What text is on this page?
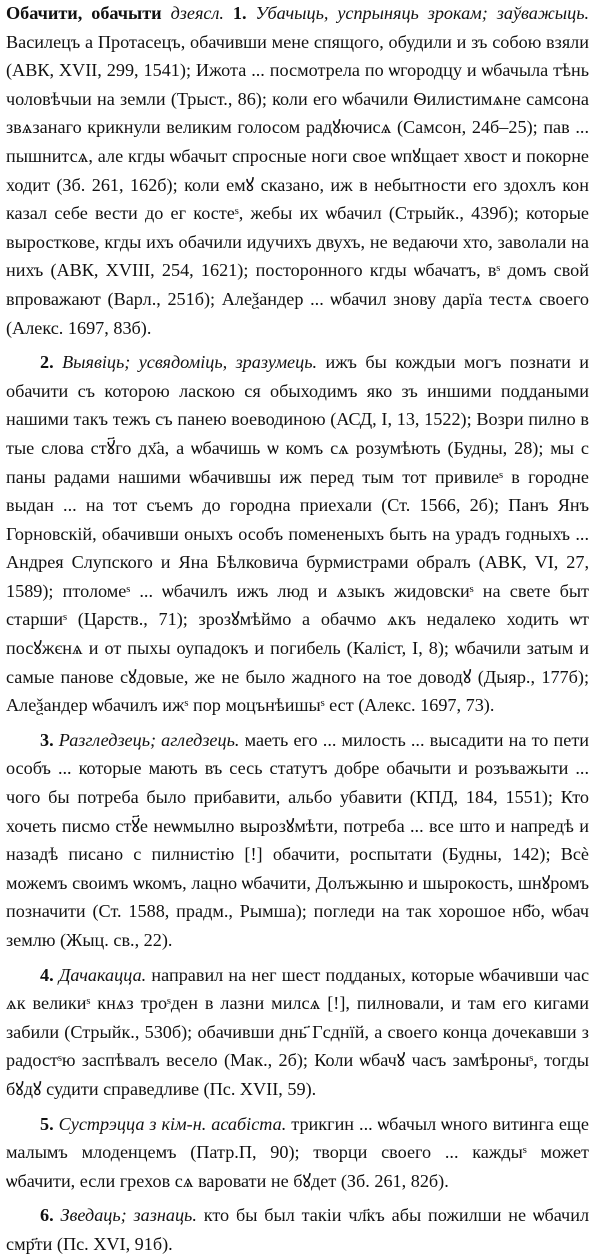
Обачити, обачыти дзеясл. 1. Убачыць, успрыняць зрокам; заўважыць. Василецъ а Протасецъ, обачивши мене спящого, обудили и зъ собою взяли (АВК, XVII, 299, 1541); Ижота ... посмотрела по ѡгородцу и ѡбачыла тѣнь чоловѣчыи на земли (Трыст., 86); коли его ѡбачили Ѳилистимѧне самсона звѧзанаго крикнули великим голосом радꙋючисѧ (Самсон, 24б–25); пав ... пышнитсѧ, але кгды ѡбачыт спросные ноги свое ѡпꙋщает хвост и покорне ходит (Зб. 261, 162б); коли емꙋ сказано, иж в небытности его здохлъ кон казал себе вести до ег костеˢ, жебы их ѡбачил (Стрыйк., 439б); которые выросткове, кгды ихъ обачили идучихъ двухъ, не ведаючи хто, заволали на нихъ (АВК, XVIII, 254, 1621); посторонного кгды ѡбачатъ, вˢ домъ свой впроважают (Варл., 251б); Алеѯандер ... ѡбачил знову дарїа тестѧ своего (Алекс. 1697, 83б).

2. Выявіць; усвядоміць, зразумець. ижъ бы кождыи могъ познати и обачити съ которою ласкою ся обыходимъ яко зъ иншими поддаными нашими такъ тежъ съ панею воеводиною (АСД, I, 13, 1522); Возри пилно в тые слова стꙋ҃го дх҃а, а ѡбачишь ѡ комъ сѧ розумѣють (Будны, 28); мы с паны радами нашими ѡбачившы иж перед тым тот привилеˢ в городне выдан ... на тот съемъ до городна приехали (Ст. 1566, 2б); Панъ Янъ Горновскій, обачивши оныхъ особъ помененыхъ быть на урадъ годныхъ ... Андрея Слупского и Яна Бѣлковича бурмистрами обралъ (АВК, VI, 27, 1589); птоломеˢ ... ѡбачилъ ижъ люд и ѧзыкъ жидовскиˢ на свете быт старшиˢ (Царств., 71); зрозꙋмѣймо а обачмо ѧкъ недалеко ходить ѡт посꙋжєнѧ и от пыхы оупадокъ и погибель (Каліст, I, 8); ѡбачили затым и самые панове сꙋдовые, же не было жадного на тое доводꙋ (Дыяр., 177б); Алеѯандер ѡбачилъ ижˢ пор моцънѣишыˢ ест (Алекс. 1697, 73).

3. Разгледзець; агледзець. маеть его ... милость ... высадити на то пети особъ ... которые мають въ сесь статутъ добре обачыти и розъважыти ... чого бы потреба было прибавити, альбо убавити (КПД, 184, 1551); Кто хочеть писмо стꙋ҃е неѡмылно вырозꙋмѣти, потреба ... все што и напредѣ и назадѣ писано с пилнистію [!] обачити, роспытати (Будны, 142); Всѐ можемъ своимъ ѡкомъ, лацно ѡбачити, Долъжыню и шырокость, шнꙋромъ позначити (Ст. 1588, прадм., Рымша); погледи на так хорошое нб҃о, ѡбач землю (Жыц. св., 22).

4. Дачакацца. направил на нег шест подданых, которые ѡбачивши час ѧк великиˢ кнѧз троˢден в лазни милсѧ [!], пилновали, и там его кигами забили (Стрыйк., 530б); обачивши днь҃ Гсднїй, а своего конца дочекавши з радостˢю заспѣвалъ весело (Мак., 2б); Коли ѡбачꙋ часъ замѣроныˢ, тогды бꙋдꙋ судити справедливе (Пс. XVII, 59).

5. Сустрэцца з кім-н. асабіста. трикгин ... ѡбачыл ѡного витинга еще малымъ млоденцемъ (Патр.П, 90); творци своего ... каждыˢ может ѡбачити, если грехов сѧ варовати не бꙋдет (Зб. 261, 82б).

6. Зведаць; зазнаць. кто бы был такіи чл҃къ абы пожилши не ѡбачил смр҃ти (Пс. XVI, 91б).
